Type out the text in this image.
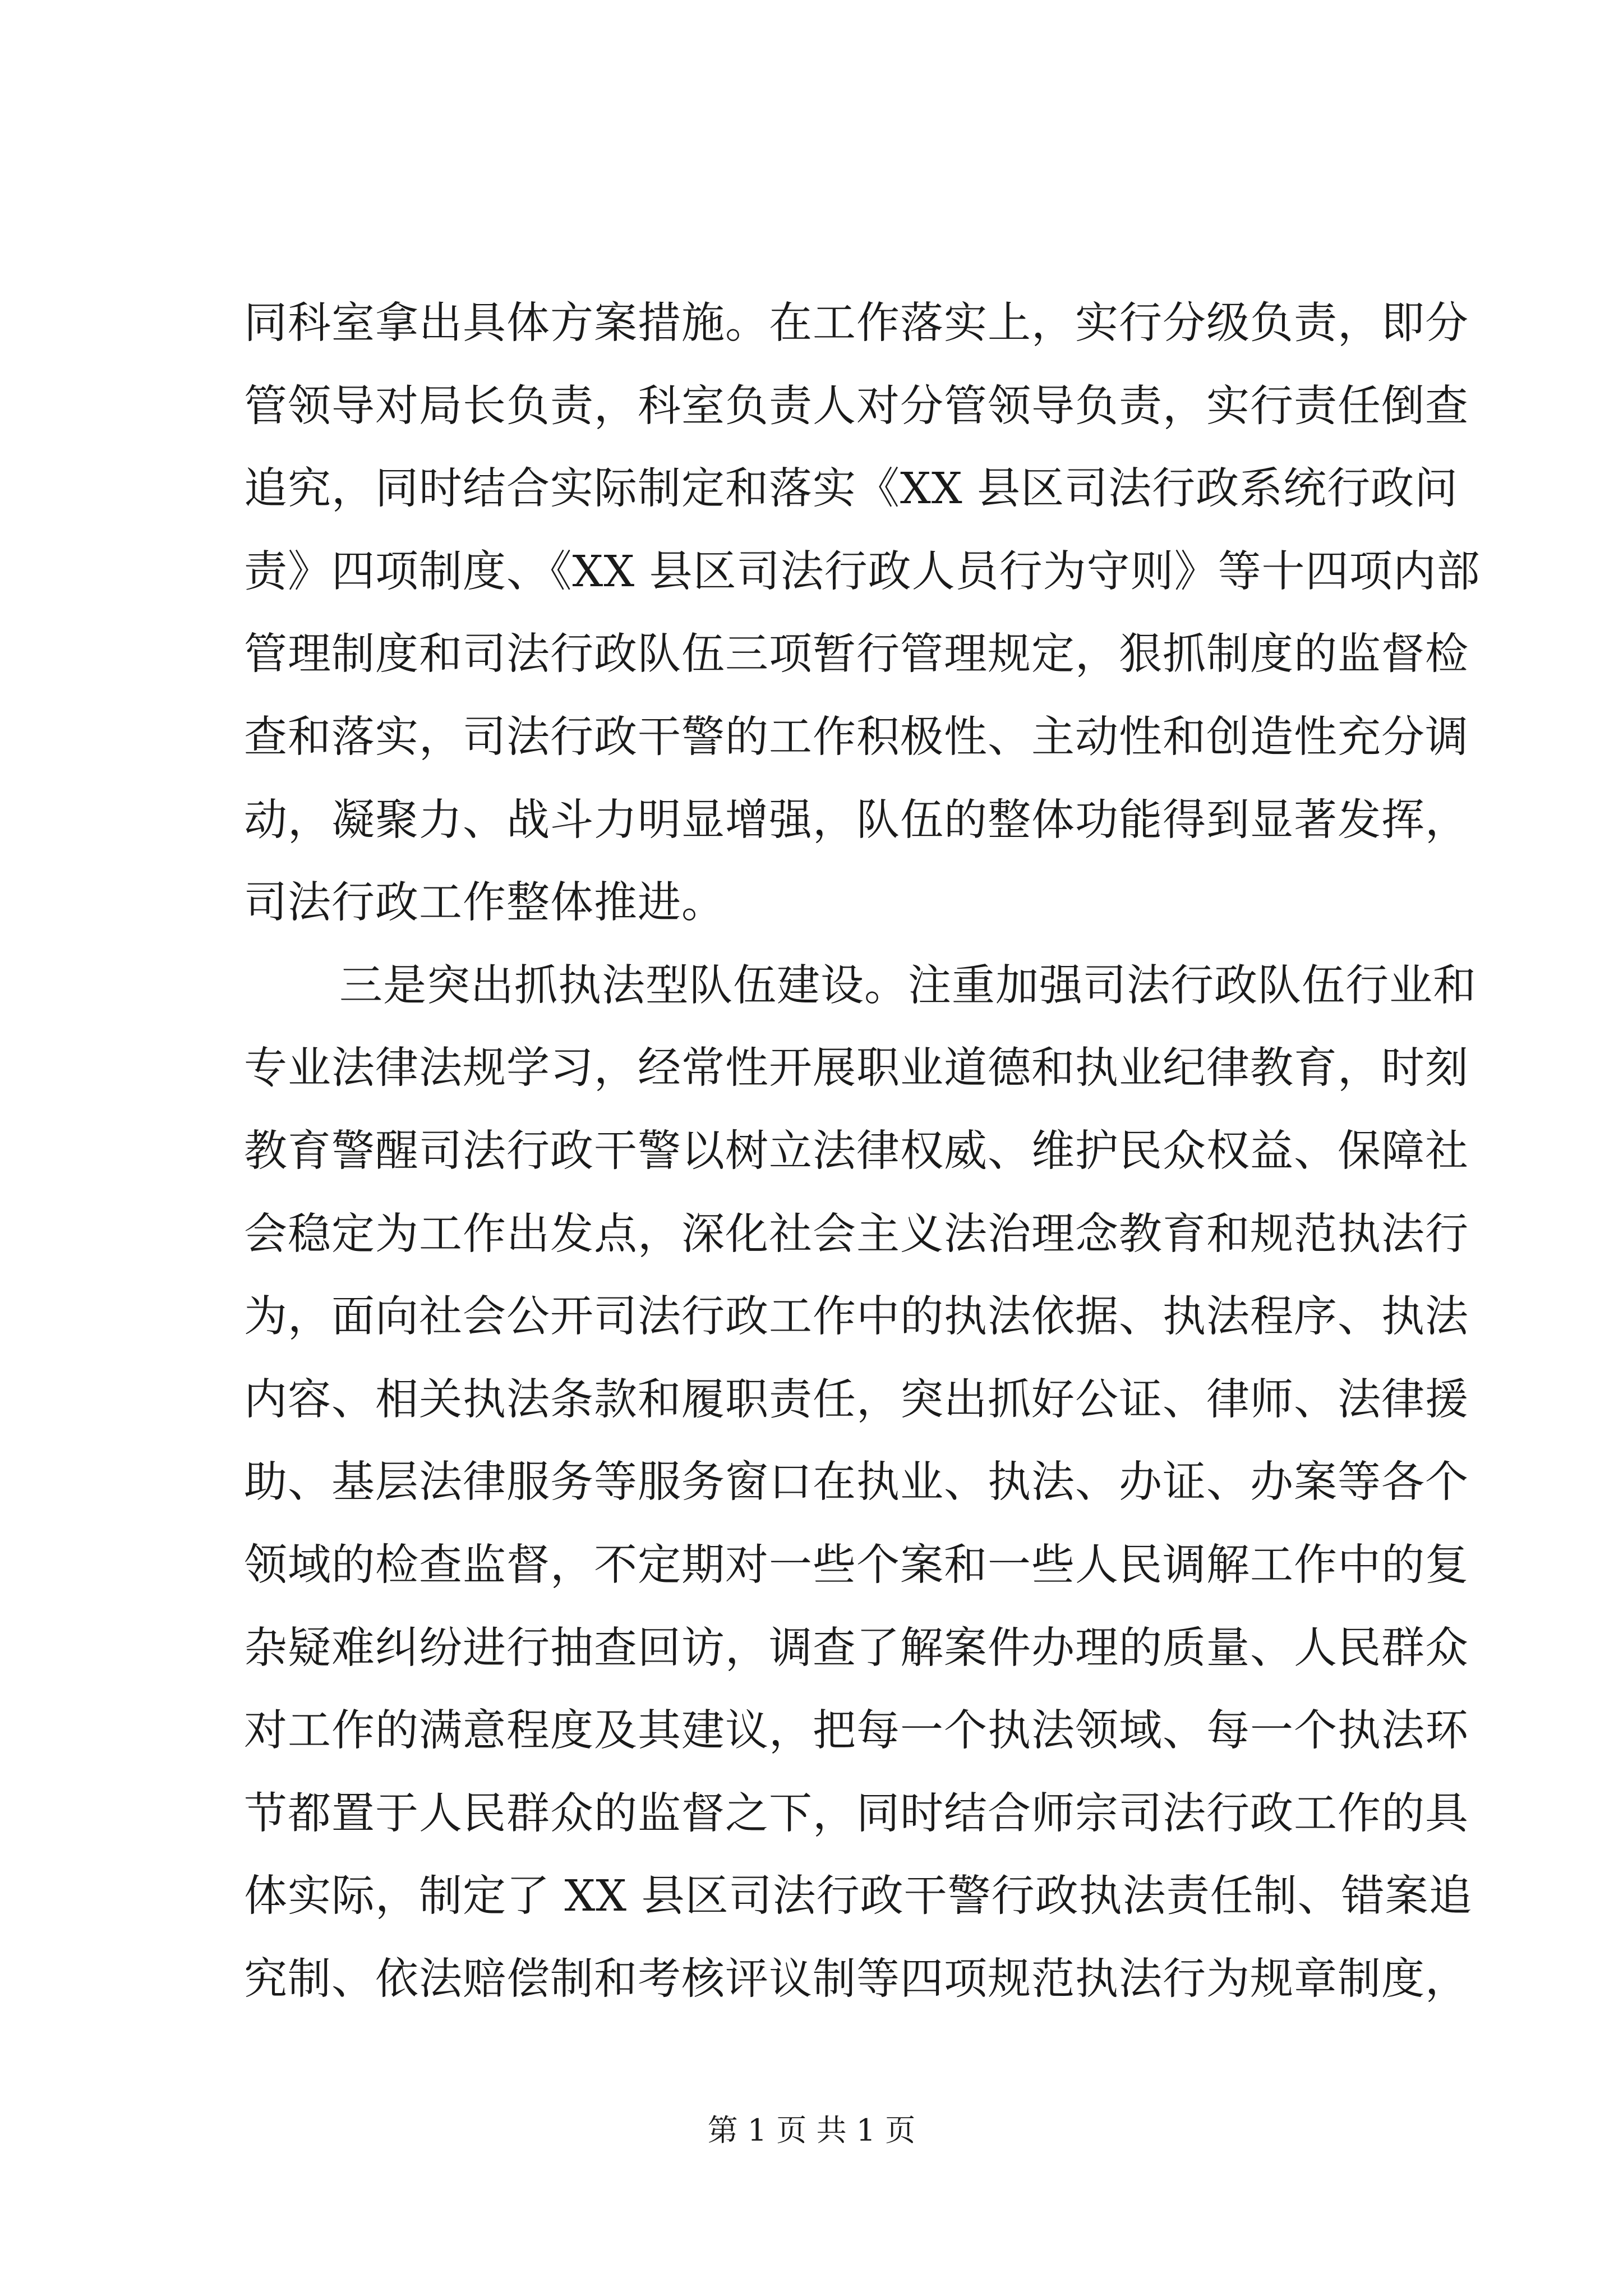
同科室拿出具体方案措施。在工作落实上，实行分级负责，即分
管领导对局长负责，科室负责人对分管领导负责，实行责任倒查
追究，同时结合实际制定和落实《XX 县区司法行政系统行政问
责》四项制度、《XX 县区司法行政人员行为守则》等十四项内部
管理制度和司法行政队伍三项暂行管理规定，狠抓制度的监督检
查和落实，司法行政干警的工作积极性、主动性和创造性充分调
动，凝聚力、战斗力明显增强，队伍的整体功能得到显著发挥，
司法行政工作整体推进。
三是突出抓执法型队伍建设。注重加强司法行政队伍行业和
专业法律法规学习，经常性开展职业道德和执业纪律教育，时刻
教育警醒司法行政干警以树立法律权威、维护民众权益、保障社
会稳定为工作出发点，深化社会主义法治理念教育和规范执法行
为，面向社会公开司法行政工作中的执法依据、执法程序、执法
内容、相关执法条款和履职责任，突出抓好公证、律师、法律援
助、基层法律服务等服务窗口在执业、执法、办证、办案等各个
领域的检查监督，不定期对一些个案和一些人民调解工作中的复
杂疑难纠纷进行抽查回访，调查了解案件办理的质量、人民群众
对工作的满意程度及其建议，把每一个执法领域、每一个执法环
节都置于人民群众的监督之下，同时结合师宗司法行政工作的具
体实际，制定了 XX 县区司法行政干警行政执法责任制、错案追
究制、依法赔偿制和考核评议制等四项规范执法行为规章制度，
第 1 页 共 1 页
